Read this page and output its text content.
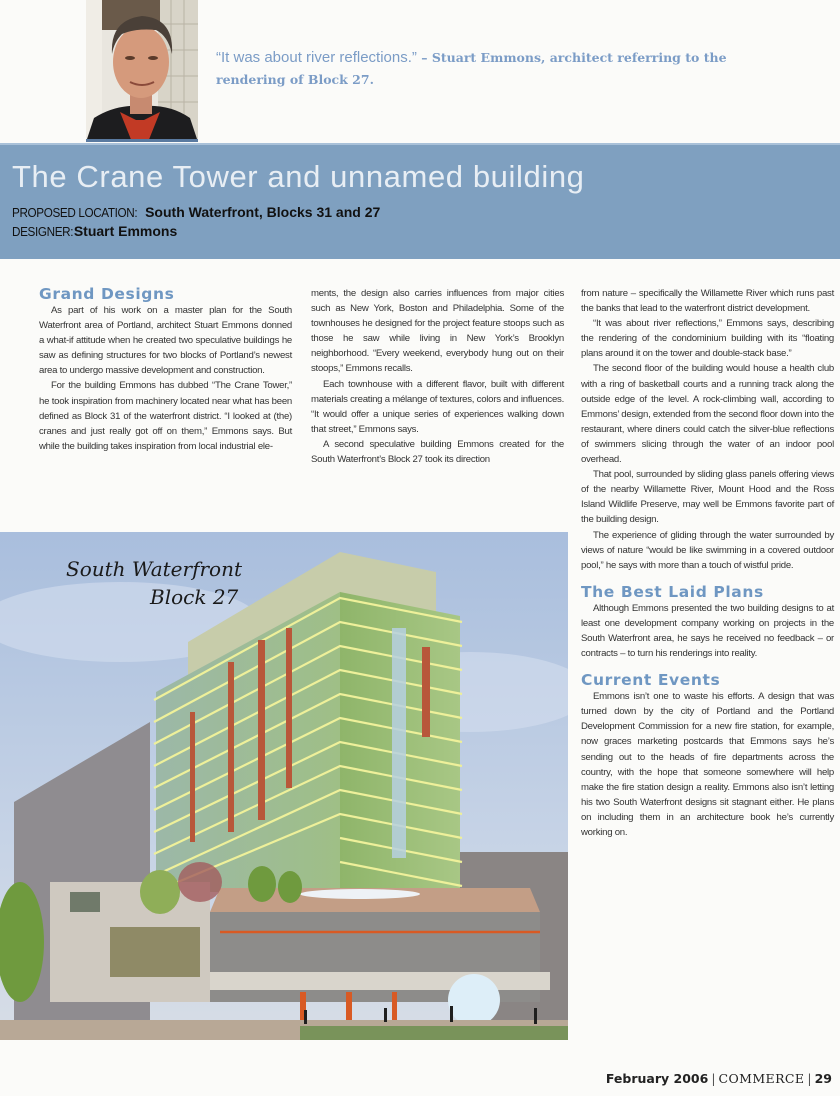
“It was about river reflections.” – Stuart Emmons, architect referring to the rendering of Block 27.
The Crane Tower and unnamed building
PROPOSED LOCATION: South Waterfront, Blocks 31 and 27
DESIGNER: Stuart Emmons
Grand Designs

As part of his work on a master plan for the South Waterfront area of Portland, architect Stuart Emmons donned a what-if attitude when he created two speculative buildings he saw as defining structures for two blocks of Portland’s newest area to undergo massive development and construction.

For the building Emmons has dubbed “The Crane Tower,” he took inspiration from machinery located near what has been defined as Block 31 of the waterfront district. “I looked at (the) cranes and just really got off on them,” Emmons says. But while the building takes inspiration from local industrial ele-

ments, the design also carries influences from major cities such as New York, Boston and Philadelphia. Some of the townhouses he designed for the project feature stoops such as those he saw while living in New York’s Brooklyn neighborhood. “Every weekend, everybody hung out on their stoops,” Emmons recalls.

Each townhouse with a different flavor, built with different materials creating a mélange of textures, colors and influences. “It would offer a unique series of experiences walking down that street,” Emmons says.

A second speculative building Emmons created for the South Waterfront’s Block 27 took its direction

from nature – specifically the Willamette River which runs past the banks that lead to the waterfront district development.

“It was about river reflections,” Emmons says, describing the rendering of the condominium building with its “floating plans around it on the tower and double-stack base.”

The second floor of the building would house a health club with a ring of basketball courts and a running track along the outside edge of the level. A rock-climbing wall, according to Emmons’ design, extended from the second floor down into the restaurant, where diners could catch the silver-blue reflections of swimmers slicing through the water of an indoor pool overhead.

That pool, surrounded by sliding glass panels offering views of the nearby Willamette River, Mount Hood and the Ross Island Wildlife Preserve, may well be Emmons favorite part of the building design.

The experience of gliding through the water surrounded by views of nature “would be like swimming in a covered outdoor pool,” he says with more than a touch of wistful pride.

The Best Laid Plans

Although Emmons presented the two building designs to at least one development company working on projects in the South Waterfront area, he says he received no feedback – or contracts – to turn his renderings into reality.

Current Events

Emmons isn’t one to waste his efforts. A design that was turned down by the city of Portland and the Portland Development Commission for a new fire station, for example, now graces marketing postcards that Emmons says he’s sending out to the heads of fire departments across the country, with the hope that someone somewhere will help make the fire station design a reality. Emmons also isn’t letting his two South Waterfront designs sit stagnant either. He plans on including them in an architecture book he’s currently working on.

South Waterfront
Block 27
February 2006 | COMMERCE | 29
